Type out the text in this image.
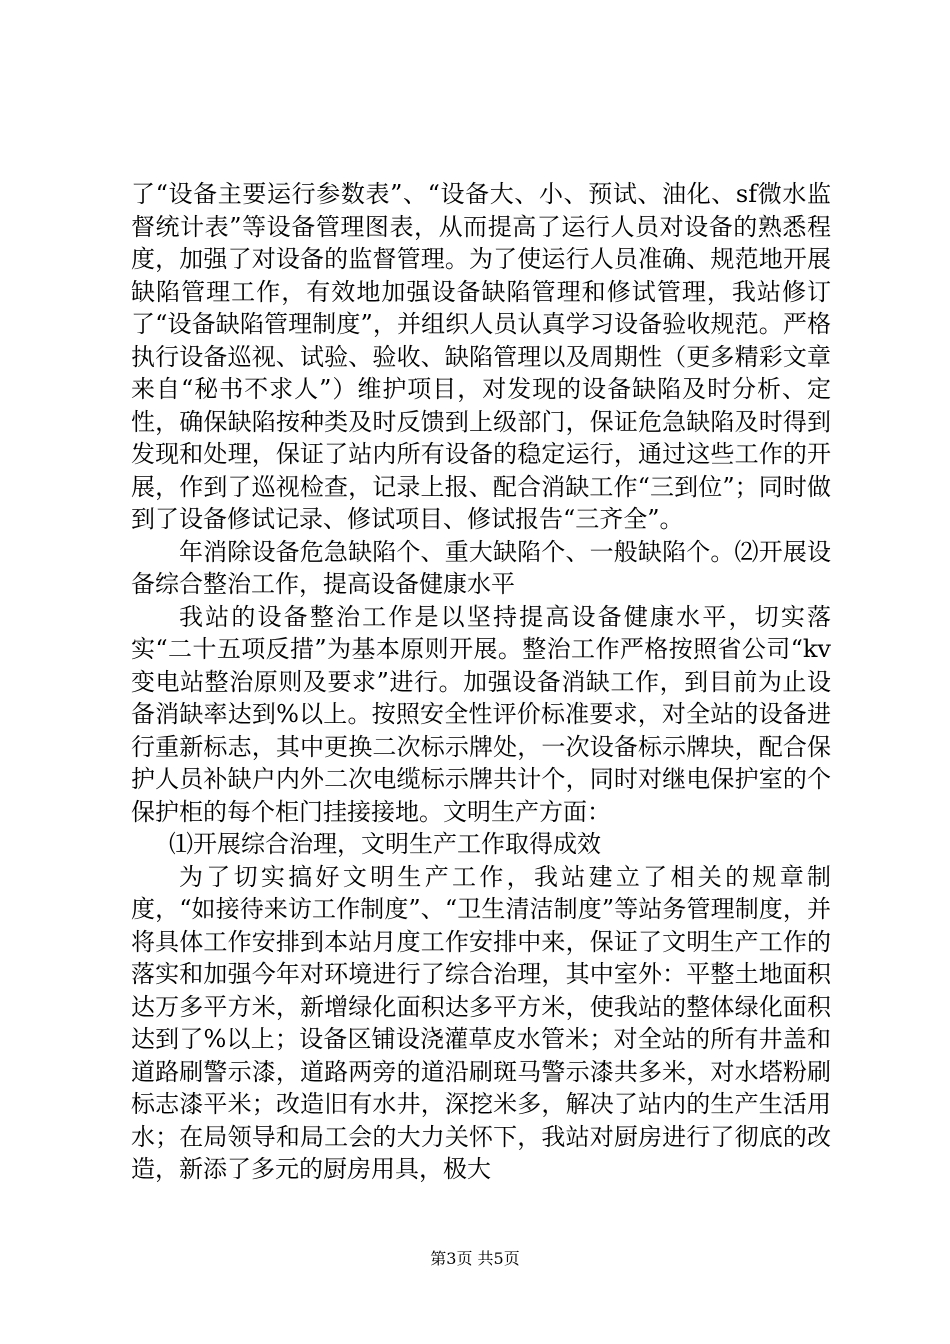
了“设备主要运行参数表”、“设备大、小、预试、油化、sf微水监督统计表”等设备管理图表，从而提高了运行人员对设备的熟悉程度，加强了对设备的监督管理。为了使运行人员准确、规范地开展缺陷管理工作，有效地加强设备缺陷管理和修试管理，我站修订了“设备缺陷管理制度”，并组织人员认真学习设备验收规范。严格执行设备巡视、试验、验收、缺陷管理以及周期性（更多精彩文章来自“秘书不求人”）维护项目，对发现的设备缺陷及时分析、定性，确保缺陷按种类及时反馈到上级部门，保证危急缺陷及时得到发现和处理，保证了站内所有设备的稳定运行，通过这些工作的开展，作到了巡视检查，记录上报、配合消缺工作“三到位”；同时做到了设备修试记录、修试项目、修试报告“三齐全”。

年消除设备危急缺陷个、重大缺陷个、一般缺陷个。⑵开展设备综合整治工作，提高设备健康水平

我站的设备整治工作是以坚持提高设备健康水平，切实落实“二十五项反措”为基本原则开展。整治工作严格按照省公司“kv变电站整治原则及要求”进行。加强设备消缺工作，到目前为止设备消缺率达到%以上。按照安全性评价标准要求，对全站的设备进行重新标志，其中更换二次标示牌处，一次设备标示牌块，配合保护人员补缺户内外二次电缆标示牌共计个，同时对继电保护室的个保护柜的每个柜门挂接接地。文明生产方面：

⑴开展综合治理，文明生产工作取得成效

为了切实搞好文明生产工作，我站建立了相关的规章制度，“如接待来访工作制度”、“卫生清洁制度”等站务管理制度，并将具体工作安排到本站月度工作安排中来，保证了文明生产工作的落实和加强今年对环境进行了综合治理，其中室外：平整土地面积达万多平方米，新增绿化面积达多平方米，使我站的整体绿化面积达到了%以上；设备区铺设浇灌草皮水管米；对全站的所有井盖和道路刷警示漆，道路两旁的道沿刷斑马警示漆共多米，对水塔粉刷标志漆平米；改造旧有水井，深挖米多，解决了站内的生产生活用水；在局领导和局工会的大力关怀下，我站对厨房进行了彻底的改造，新添了多元的厨房用具，极大

第3页 共5页
